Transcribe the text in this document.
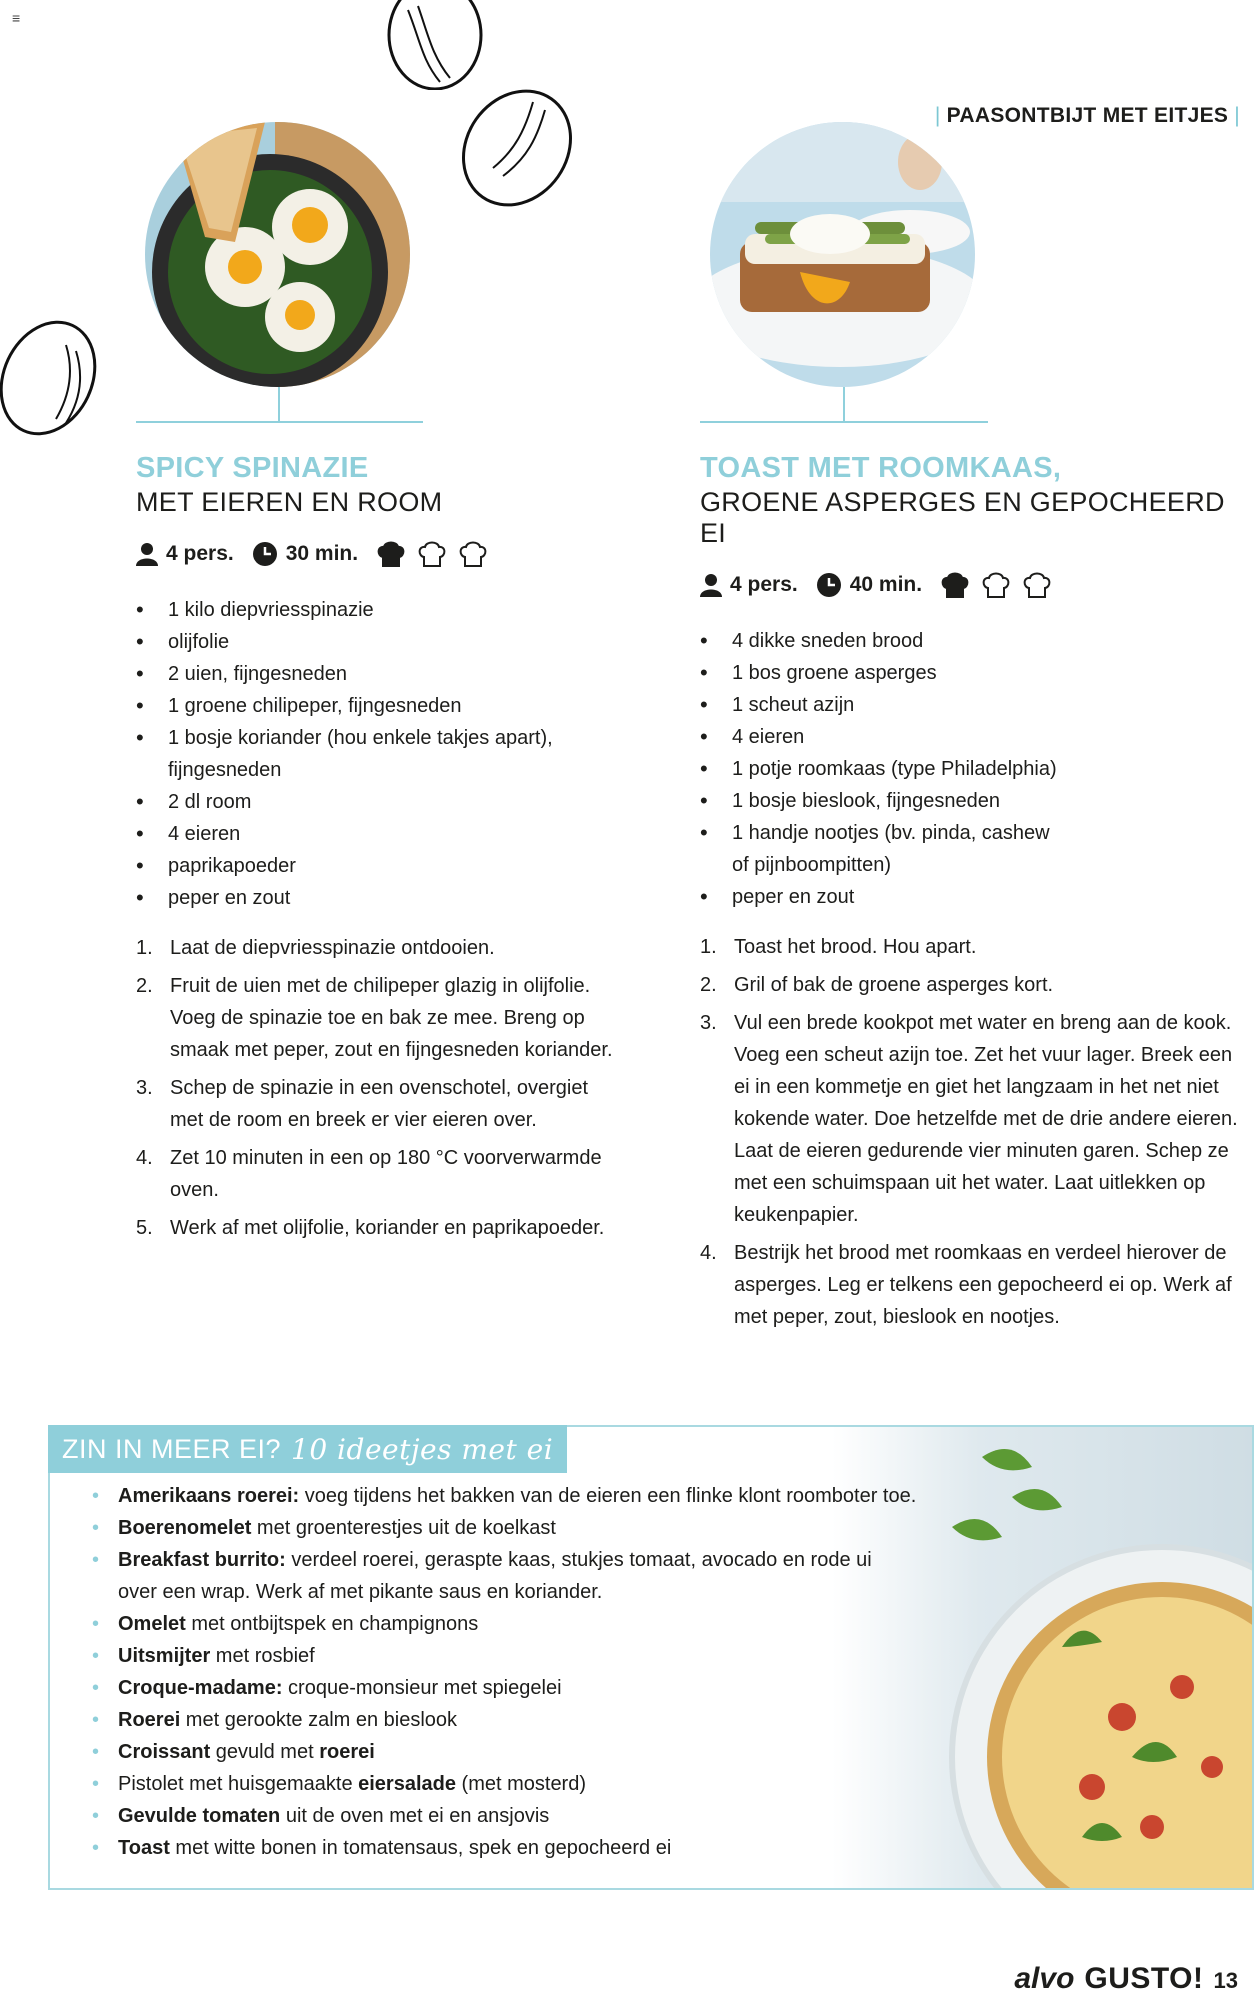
≡
| PAASONTBIJT MET EITJES |
SPICY SPINAZIE
MET EIEREN EN ROOM
4 pers. 30 min.
• 1 kilo diepvriesspinazie
• olijfolie
• 2 uien, fijngesneden
• 1 groene chilipeper, fijngesneden
• 1 bosje koriander (hou enkele takjes apart),
fijngesneden
• 2 dl room
• 4 eieren
• paprikapoeder
• peper en zout
1. Laat de diepvriesspinazie ontdooien.
2. Fruit de uien met de chilipeper glazig in olijfolie. Voeg de spinazie toe en bak ze mee. Breng op smaak met peper, zout en fijngesneden koriander.
3. Schep de spinazie in een ovenschotel, overgiet met de room en breek er vier eieren over.
4. Zet 10 minuten in een op 180 °C voorverwarmde oven.
5. Werk af met olijfolie, koriander en paprikapoeder.
TOAST MET ROOMKAAS,
GROENE ASPERGES EN GEPOCHEERD EI
4 pers. 40 min.
• 4 dikke sneden brood
• 1 bos groene asperges
• 1 scheut azijn
• 4 eieren
• 1 potje roomkaas (type Philadelphia)
• 1 bosje bieslook, fijngesneden
• 1 handje nootjes (bv. pinda, cashew
of pijnboompitten)
• peper en zout
1. Toast het brood. Hou apart.
2. Gril of bak de groene asperges kort.
3. Vul een brede kookpot met water en breng aan de kook. Voeg een scheut azijn toe. Zet het vuur lager. Breek een ei in een kommetje en giet het langzaam in het net niet kokende water. Doe hetzelfde met de drie andere eieren. Laat de eieren gedurende vier minuten garen. Schep ze met een schuimspaan uit het water. Laat uitlekken op keukenpapier.
4. Bestrijk het brood met roomkaas en verdeel hierover de asperges. Leg er telkens een gepocheerd ei op. Werk af met peper, zout, bieslook en nootjes.
ZIN IN MEER EI? 10 ideetjes met ei
• Amerikaans roerei: voeg tijdens het bakken van de eieren een flinke klont roomboter toe.
• Boerenomelet met groenterestjes uit de koelkast
• Breakfast burrito: verdeel roerei, geraspte kaas, stukjes tomaat, avocado en rode ui over een wrap. Werk af met pikante saus en koriander.
• Omelet met ontbijtspek en champignons
• Uitsmijter met rosbief
• Croque-madame: croque-monsieur met spiegelei
• Roerei met gerookte zalm en bieslook
• Croissant gevuld met roerei
• Pistolet met huisgemaakte eiersalade (met mosterd)
• Gevulde tomaten uit de oven met ei en ansjovis
• Toast met witte bonen in tomatensaus, spek en gepocheerd ei
alvo GUSTO! 13
